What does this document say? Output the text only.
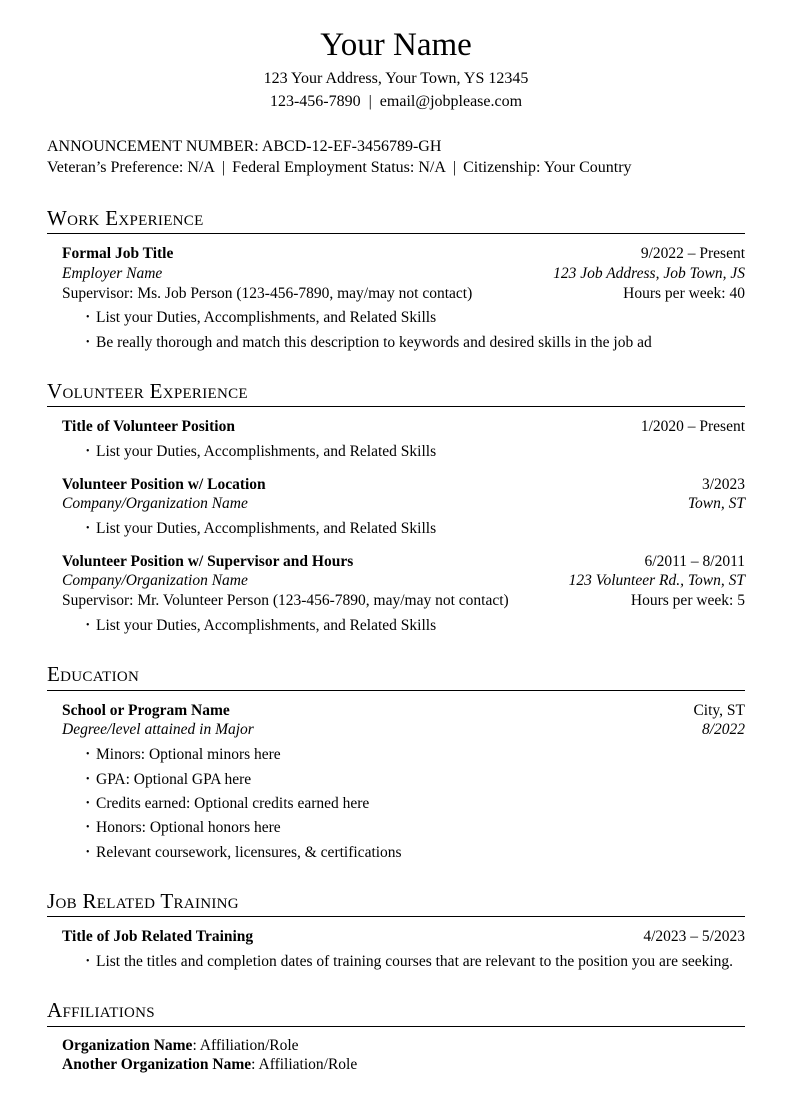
Your Name
123 Your Address, Your Town, YS 12345
123-456-7890 | email@jobplease.com
ANNOUNCEMENT NUMBER: ABCD-12-EF-3456789-GH
Veteran’s Preference: N/A | Federal Employment Status: N/A | Citizenship: Your Country
Work Experience
Formal Job Title	9/2022 – Present
Employer Name	123 Job Address, Job Town, JS
Supervisor: Ms. Job Person (123-456-7890, may/may not contact)	Hours per week: 40
• List your Duties, Accomplishments, and Related Skills
• Be really thorough and match this description to keywords and desired skills in the job ad
Volunteer Experience
Title of Volunteer Position	1/2020 – Present
• List your Duties, Accomplishments, and Related Skills
Volunteer Position w/ Location	3/2023
Company/Organization Name	Town, ST
• List your Duties, Accomplishments, and Related Skills
Volunteer Position w/ Supervisor and Hours	6/2011 – 8/2011
Company/Organization Name	123 Volunteer Rd., Town, ST
Supervisor: Mr. Volunteer Person (123-456-7890, may/may not contact)	Hours per week: 5
• List your Duties, Accomplishments, and Related Skills
Education
School or Program Name	City, ST
Degree/level attained in Major	8/2022
• Minors: Optional minors here
• GPA: Optional GPA here
• Credits earned: Optional credits earned here
• Honors: Optional honors here
• Relevant coursework, licensures, & certifications
Job Related Training
Title of Job Related Training	4/2023 – 5/2023
• List the titles and completion dates of training courses that are relevant to the position you are seeking.
Affiliations
Organization Name: Affiliation/Role
Another Organization Name: Affiliation/Role
